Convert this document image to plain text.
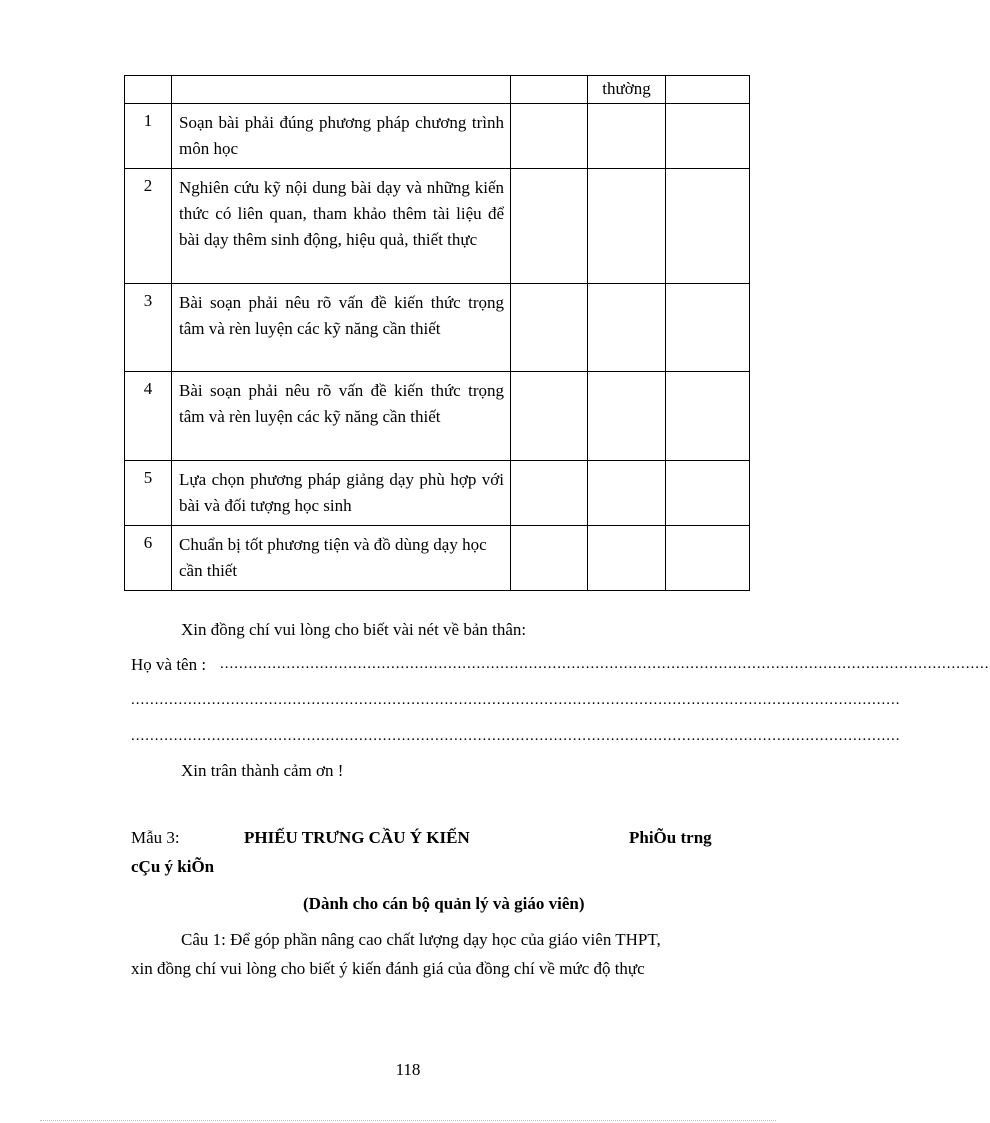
			thường	

1	Soạn bài phải đúng phương pháp chương trình môn học			

2	Nghiên cứu kỹ nội dung bài dạy và những kiến thức có liên quan, tham khảo thêm tài liệu để bài dạy thêm sinh động, hiệu quả, thiết thực			

3	Bài soạn phải nêu rõ vấn đề kiến thức trọng tâm và rèn luyện các kỹ năng cần thiết			

4	Bài soạn phải nêu rõ vấn đề kiến thức trọng tâm và rèn luyện các kỹ năng cần thiết			

5	Lựa chọn phương pháp giảng dạy phù hợp với bài và đối tượng học sinh			

6	Chuẩn bị tốt phương tiện và đồ dùng dạy học cần thiết			

Xin đồng chí vui lòng cho biết vài nét về bản thân:
Họ và tên : ..................................................................................................................................................................
..................................................................................................................................................................
..................................................................................................................................................................
Xin trân thành cảm ơn !
Mẫu 3:	PHIẾU TRƯNG CẦU Ý KIẾN	PhiÕu trng
cÇu ý kiÕn
(Dành cho cán bộ quản lý và giáo viên)
Câu 1: Để góp phần nâng cao chất lượng dạy học của giáo viên THPT,
xin đồng chí vui lòng cho biết ý kiến đánh giá của đồng chí về mức độ thực
118
